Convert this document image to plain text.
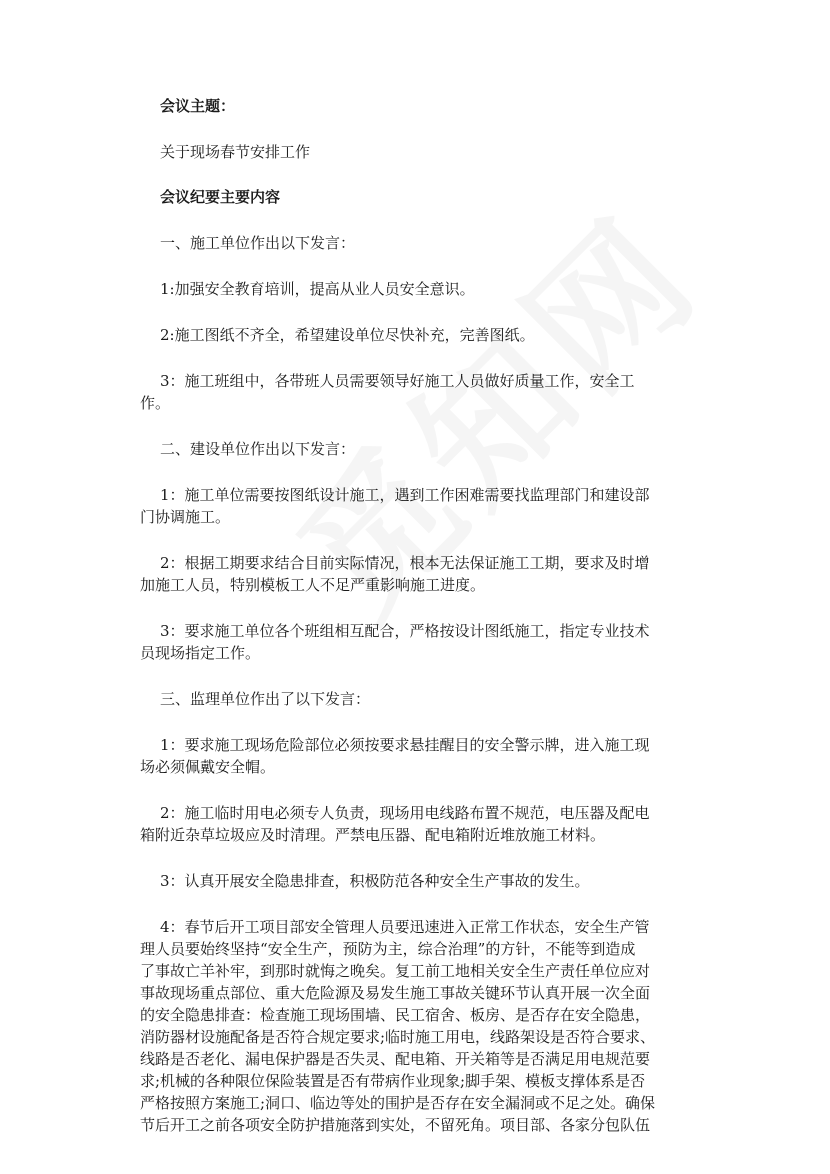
会议主题：

关于现场春节安排工作

会议纪要主要内容

一、施工单位作出以下发言：

1:加强安全教育培训，提高从业人员安全意识。

2:施工图纸不齐全，希望建设单位尽快补充，完善图纸。

3：施工班组中，各带班人员需要领导好施工人员做好质量工作，安全工
作。

二、建设单位作出以下发言：

1：施工单位需要按图纸设计施工，遇到工作困难需要找监理部门和建设部
门协调施工。
2：根据工期要求结合目前实际情况，根本无法保证施工工期，要求及时增
加施工人员，特别模板工人不足严重影响施工进度。
3：要求施工单位各个班组相互配合，严格按设计图纸施工，指定专业技术
员现场指定工作。

三、监理单位作出了以下发言：

1：要求施工现场危险部位必须按要求悬挂醒目的安全警示牌，进入施工现
场必须佩戴安全帽。
2：施工临时用电必须专人负责，现场用电线路布置不规范，电压器及配电
箱附近杂草垃圾应及时清理。严禁电压器、配电箱附近堆放施工材料。

3：认真开展安全隐患排查，积极防范各种安全生产事故的发生。

4：春节后开工项目部安全管理人员要迅速进入正常工作状态，安全生产管
理人员要始终坚持“安全生产，预防为主，综合治理”的方针，不能等到造成
了事故亡羊补牢，到那时就悔之晚矣。复工前工地相关安全生产责任单位应对
事故现场重点部位、重大危险源及易发生施工事故关键环节认真开展一次全面
的安全隐患排查：检查施工现场围墙、民工宿舍、板房、是否存在安全隐患，
消防器材设施配备是否符合规定要求;临时施工用电，线路架设是否符合要求、
线路是否老化、漏电保护器是否失灵、配电箱、开关箱等是否满足用电规范要
求;机械的各种限位保险装置是否有带病作业现象;脚手架、模板支撑体系是否
严格按照方案施工;洞口、临边等处的围护是否存在安全漏洞或不足之处。确保
节后开工之前各项安全防护措施落到实处，不留死角。项目部、各家分包队伍
